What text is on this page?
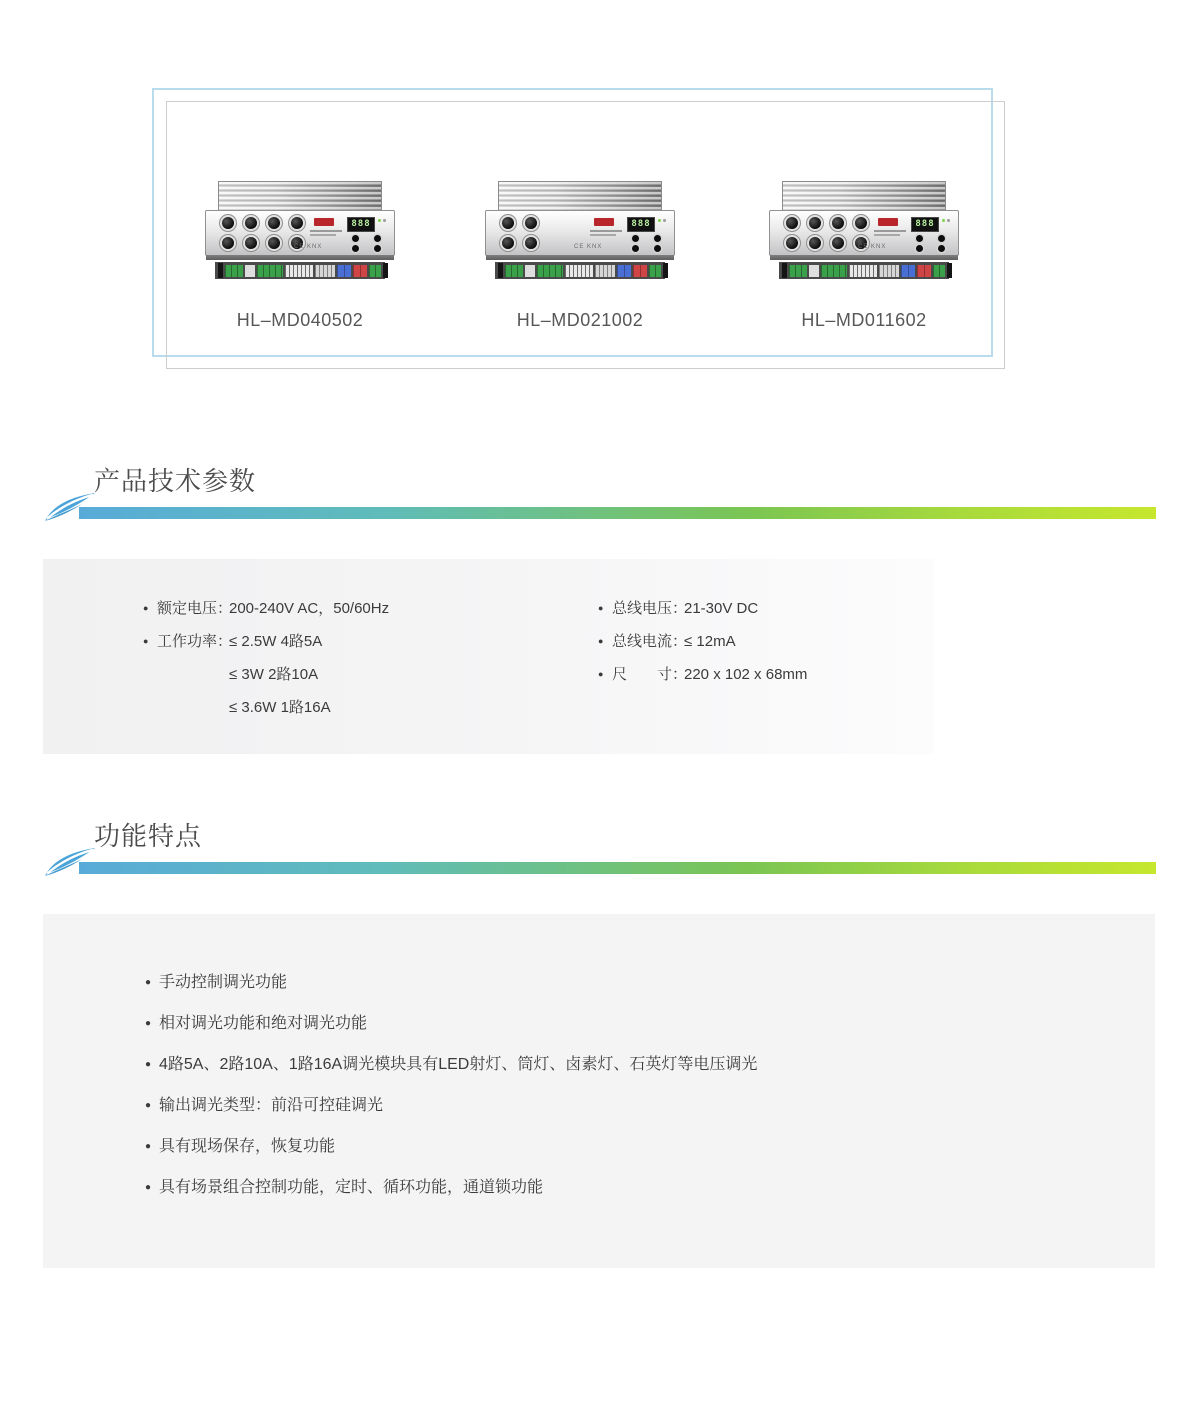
CE KNX
888
HL–MD040502
CE KNX
888
HL–MD021002
CE KNX
888
HL–MD011602
产品技术参数
● 额定电压：
200-240V AC，50/60Hz
● 工作功率：
≤ 2.5W 4路5A
≤ 3W 2路10A
≤ 3.6W 1路16A
● 总线电压：
21-30V DC
● 总线电流：
≤ 12mA
● 尺　　寸：
220 x 102 x 68mm
功能特点
● 手动控制调光功能
● 相对调光功能和绝对调光功能
● 4路5A、2路10A、1路16A调光模块具有LED射灯、筒灯、卤素灯、石英灯等电压调光
● 输出调光类型：前沿可控硅调光
● 具有现场保存，恢复功能
● 具有场景组合控制功能，定时、循环功能，通道锁功能
